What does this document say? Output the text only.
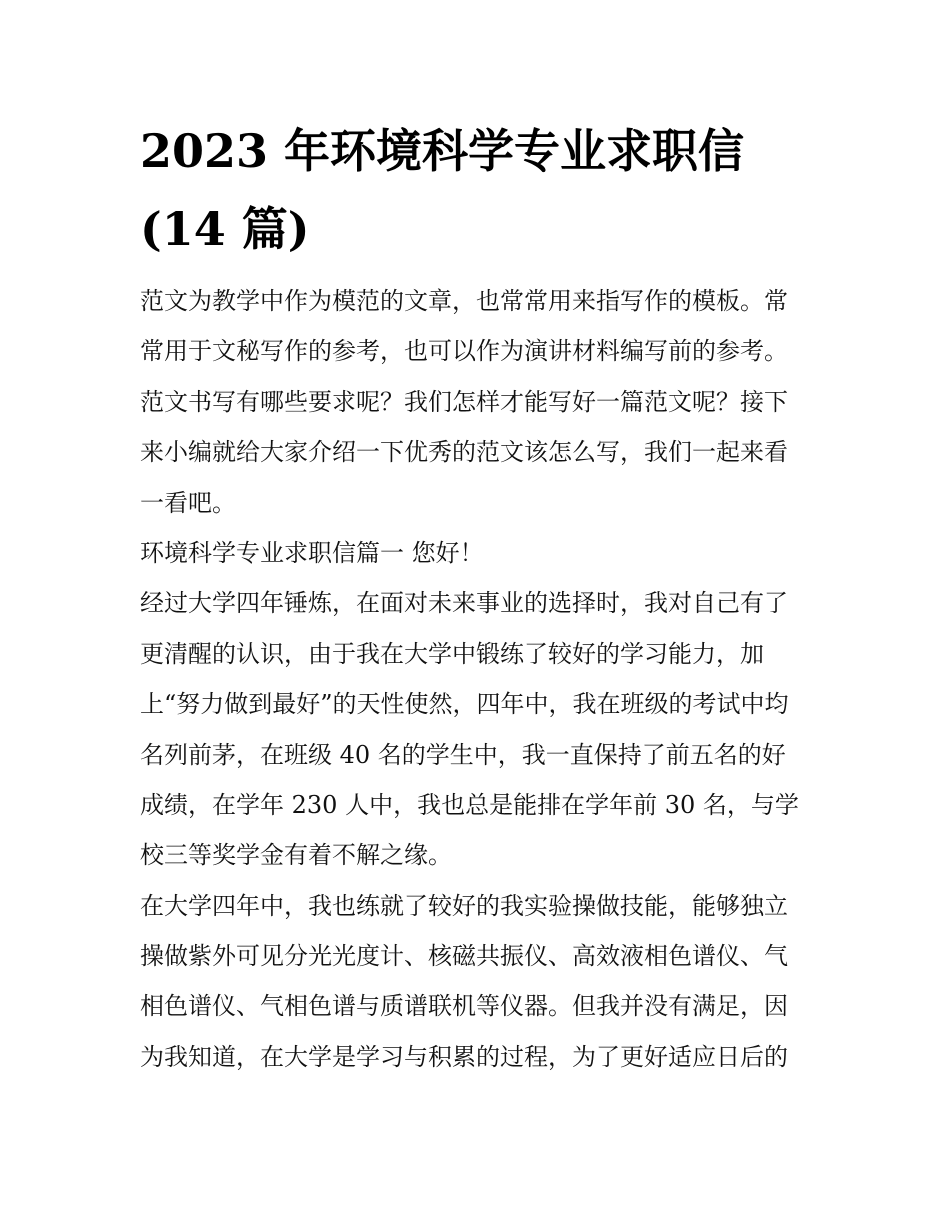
2023 年环境科学专业求职信
(14 篇)
范文为教学中作为模范的文章，也常常用来指写作的模板。常
常用于文秘写作的参考，也可以作为演讲材料编写前的参考。
范文书写有哪些要求呢？我们怎样才能写好一篇范文呢？接下
来小编就给大家介绍一下优秀的范文该怎么写，我们一起来看
一看吧。
环境科学专业求职信篇一 您好！
经过大学四年锤炼，在面对未来事业的选择时，我对自己有了
更清醒的认识，由于我在大学中锻练了较好的学习能力，加
上“努力做到最好”的天性使然，四年中，我在班级的考试中均
名列前茅，在班级 40 名的学生中，我一直保持了前五名的好
成绩，在学年 230 人中，我也总是能排在学年前 30 名，与学
校三等奖学金有着不解之缘。
在大学四年中，我也练就了较好的我实验操做技能，能够独立
操做紫外可见分光光度计、核磁共振仪、高效液相色谱仪、气
相色谱仪、气相色谱与质谱联机等仪器。但我并没有满足，因
为我知道，在大学是学习与积累的过程，为了更好适应日后的
